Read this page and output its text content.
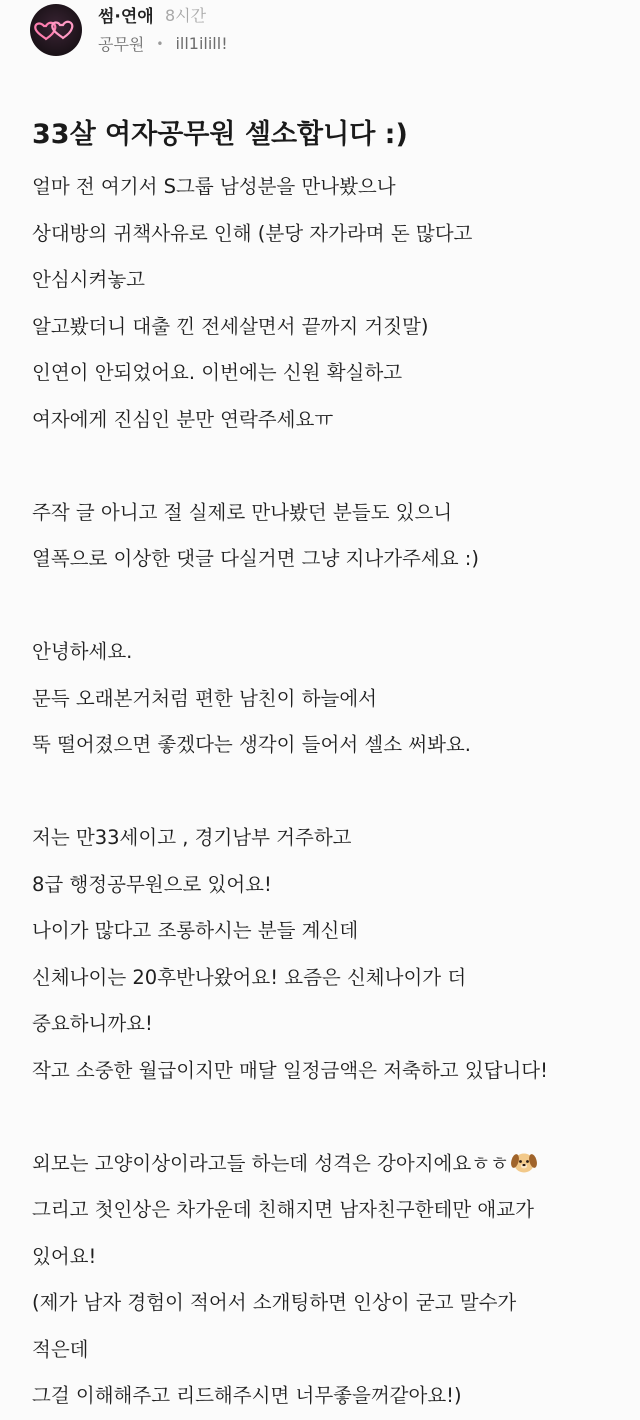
썸·연애 8시간
공무원 • ill1ilill!
33살 여자공무원 셀소합니다 :)
얼마 전 여기서 S그룹 남성분을 만나봤으나
상대방의 귀책사유로 인해 (분당 자가라며 돈 많다고
안심시켜놓고
알고봤더니 대출 낀 전세살면서 끝까지 거짓말)
인연이 안되었어요. 이번에는 신원 확실하고
여자에게 진심인 분만 연락주세요ㅠ
주작 글 아니고 절 실제로 만나봤던 분들도 있으니
열폭으로 이상한 댓글 다실거면 그냥 지나가주세요 :)
안녕하세요.
문득 오래본거처럼 편한 남친이 하늘에서
뚝 떨어졌으면 좋겠다는 생각이 들어서 셀소 써봐요.
저는 만33세이고 , 경기남부 거주하고
8급 행정공무원으로 있어요!
나이가 많다고 조롱하시는 분들 계신데
신체나이는 20후반나왔어요! 요즘은 신체나이가 더
중요하니까요!
작고 소중한 월급이지만 매달 일정금액은 저축하고 있답니다!
외모는 고양이상이라고들 하는데 성격은 강아지에요ㅎㅎ
그리고 첫인상은 차가운데 친해지면 남자친구한테만 애교가
있어요!
(제가 남자 경험이 적어서 소개팅하면 인상이 굳고 말수가
적은데
그걸 이해해주고 리드해주시면 너무좋을꺼같아요!)
